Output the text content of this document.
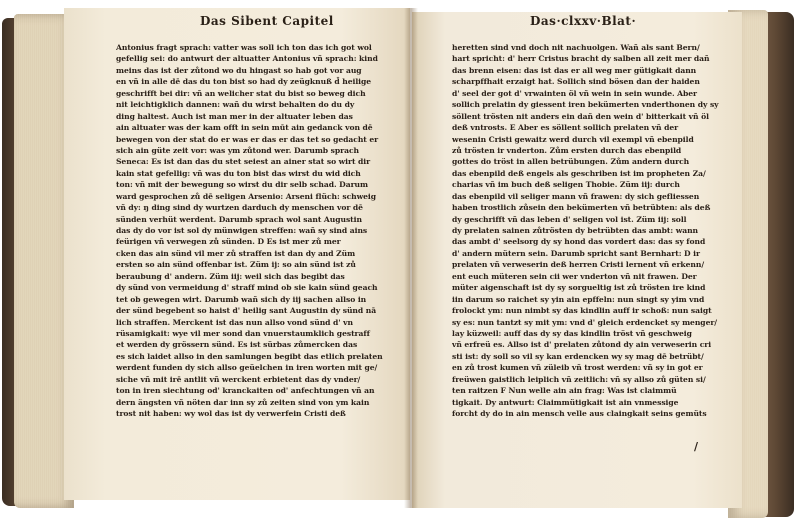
Das Sibent Capitel	Das·clxxv·Blat·
Antonius fragt sprach: vatter was soll ich ton das ich got wol
gefellig sei: do antwurt der altuatter Antonius vñ sprach: kind
meins das ist der zůtond wo du hingast so hab got vor aug
en vñ in alle dē das du ton bist so had dy zeügknuß d̄ heilige
geschrifft bei dir: vñ an welicher stat du bist so beweg dich
nit leichtigklich dannen: wañ du wirst behalten do du dy
ding haltest. Auch ist man mer in der altuater leben das
ain altuater was der kam offt in sein mūt ain gedanck von dē
bewegen von der stat do er was er das er das tet so gedacht er
sich ain güte zeit vor: was ym zůtond wer. Darumb sprach
Seneca: Es ist dan das du stet seiest an ainer stat so wirt dir
kain stat gefellig: vñ was du ton bist das wirst du wid dich
ton: vñ mit der bewegung so wirst du dir selb schad. Darum
ward gesprochen zů dē seligen Arsenio: Arseni flüch: schweig
vñ dy: ŋ ding sind dy wurtzen darduch dy menschen vor dē
sünden verhüt werdent. Darumb sprach wol sant Augustin
das dy do vor ist sol dy münwigen streffen: wañ sy sind ains
feürigen vñ verwegen zů sünden. D Es ist mer zů mer
cken das ain sünd vil mer zů straffen ist dan dy and Züm
ersten so ain sünd offenbar ist. Züm ij: so ain sünd ist zů
beraubung d' andern. Züm iij: weil sich das begibt das
dy sünd von vermeidung d' straff mind ob sie kain sünd geach
tet ob gewegen wirt. Darumb wañ sich dy iij sachen allso in
der sünd begebent so haist d' heilig sant Augustin dy sünd nā
lich straffen. Merckent ist das nun allso vond sünd d' vn
rüsamigkait: wye vil mer sond dan vnuerstaumklich gestraff
et werden dy grössern sünd. Es ist sürbas zůmercken das
es sich laidet allso in den samlungen begibt das etlich prelaten
werdent funden dy sich allso geüelchen in iren worten mit ge/
siche vñ mit irē antlit vñ werckent erbietent das dy vnder/
ton in iren siechtung od' kranckaiten od' anfechtungen vñ an
dern ängsten vñ nöten dar inn sy zů zeiten sind von ym kain
trost nit haben: wy wol das ist dy verwerfein Cristi deß
heretten sind vnd doch nit nachuolgen. Wañ als sant Bern/
hart spricht: d' herr Cristus bracht dy salben all zeit mer dañ
das brenn eisen: das ist das er all weg mer gütigkait dann
scharpffhait erzaigt hat. Sollich sind bösen dan der haiden
d' seel der got d' vrwainten öl vñ wein in sein wunde. Aber
sollich prelatin dy giessent iren bekümerten vnderthonen dy sy
söllent trösten nit anders ein dañ den wein d' bitterkait vñ öl
deß vntrosts. E Aber es söllent sollich prelaten vñ der
wesenin Cristi gewaitz werd durch vil exempl vñ ebenpild
zů trösten ir vnderton. Zům ersten durch das ebenpild
gottes do tröst in allen betrübungen. Zům andern durch
das ebenpild deß engels als geschriben ist im propheten Za/
charias vñ im buch deß seligen Thobie. Züm iij: durch
das ebenpild vil seliger mann vñ frawen: dy sich gefliessen
haben trostlich zůsein den bekümerten vñ betrübten: als deß
dy geschrifft vñ das leben d' seligen vol ist. Züm iij: soll
dy prelaten sainen zůtrösten dy betrübten das ambt: wann
das ambt d' seelsorg dy sy hond das vordert das: das sy fond
d' andern mütern sein. Darumb spricht sant Bernhart: D ir
prelaten vñ verweserin deß herren Cristi lernent vñ erkenn/
ent euch müteren sein cii wer vnderton vñ nit frawen. Der
müter aigenschaft ist dy sy sorgueltig ist zů trösten ire kind
iin darum so raichet sy yin ain epffeln: nun singt sy yim vnd
frolockt ym: nun nimbt sy das kindlin auff ir schoß: nun saigt
sy es: nun tantzt sy mit ym: vnd d' gleich erdencket sy menger/
lay küzweil: auff das dy sy das kindlin tröst vñ geschweig
vñ erfreü es. Allso ist d' prelaten zůtond dy ain verweserin cri
sti ist: dy soll so vil sy kan erdencken wy sy mag dē betrübt/
en zů trost kumen vñ züleib vñ trost werden: vñ sy in got er
freüwen gaistlich leiplich vñ zeitlich: vñ sy allso zů güten si/
ten raitzen F Nun welle ain ain frag: Was ist claimmü
tigkait. Dy antwurt: Claimmütigkait ist ain vnmessige
forcht dy do in ain mensch velle aus claingkait seins gemüts
/
